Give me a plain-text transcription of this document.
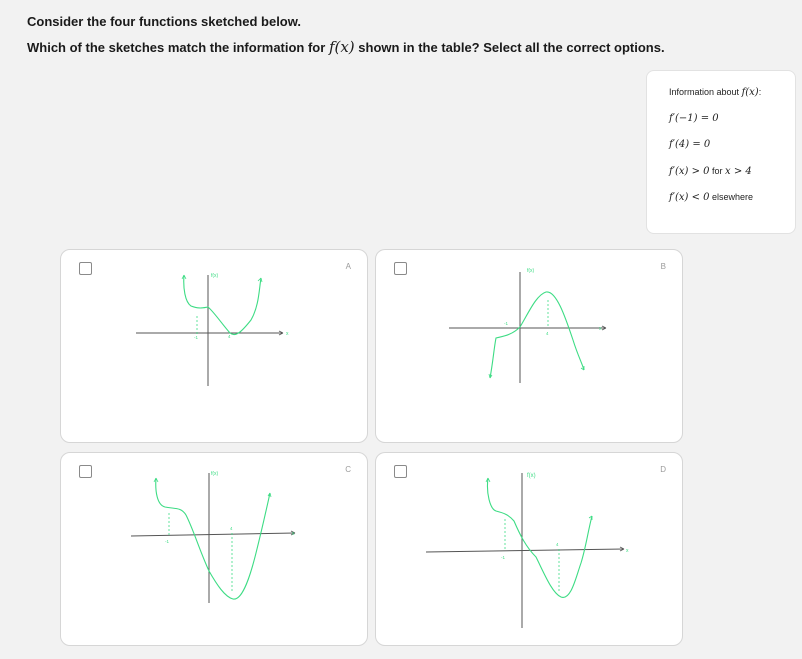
Consider the four functions sketched below.
Which of the sketches match the information for f(x) shown in the table? Select all the correct options.
Information about f(x):
f′(−1) = 0
f′(4) = 0
f′(x) > 0 for x > 4
f′(x) < 0 elsewhere
A
f(x)
-1	4	x
B
f(x)
-1
4
x
C
f(x)
-1
4
x
D
f(x)
-1
4
x
